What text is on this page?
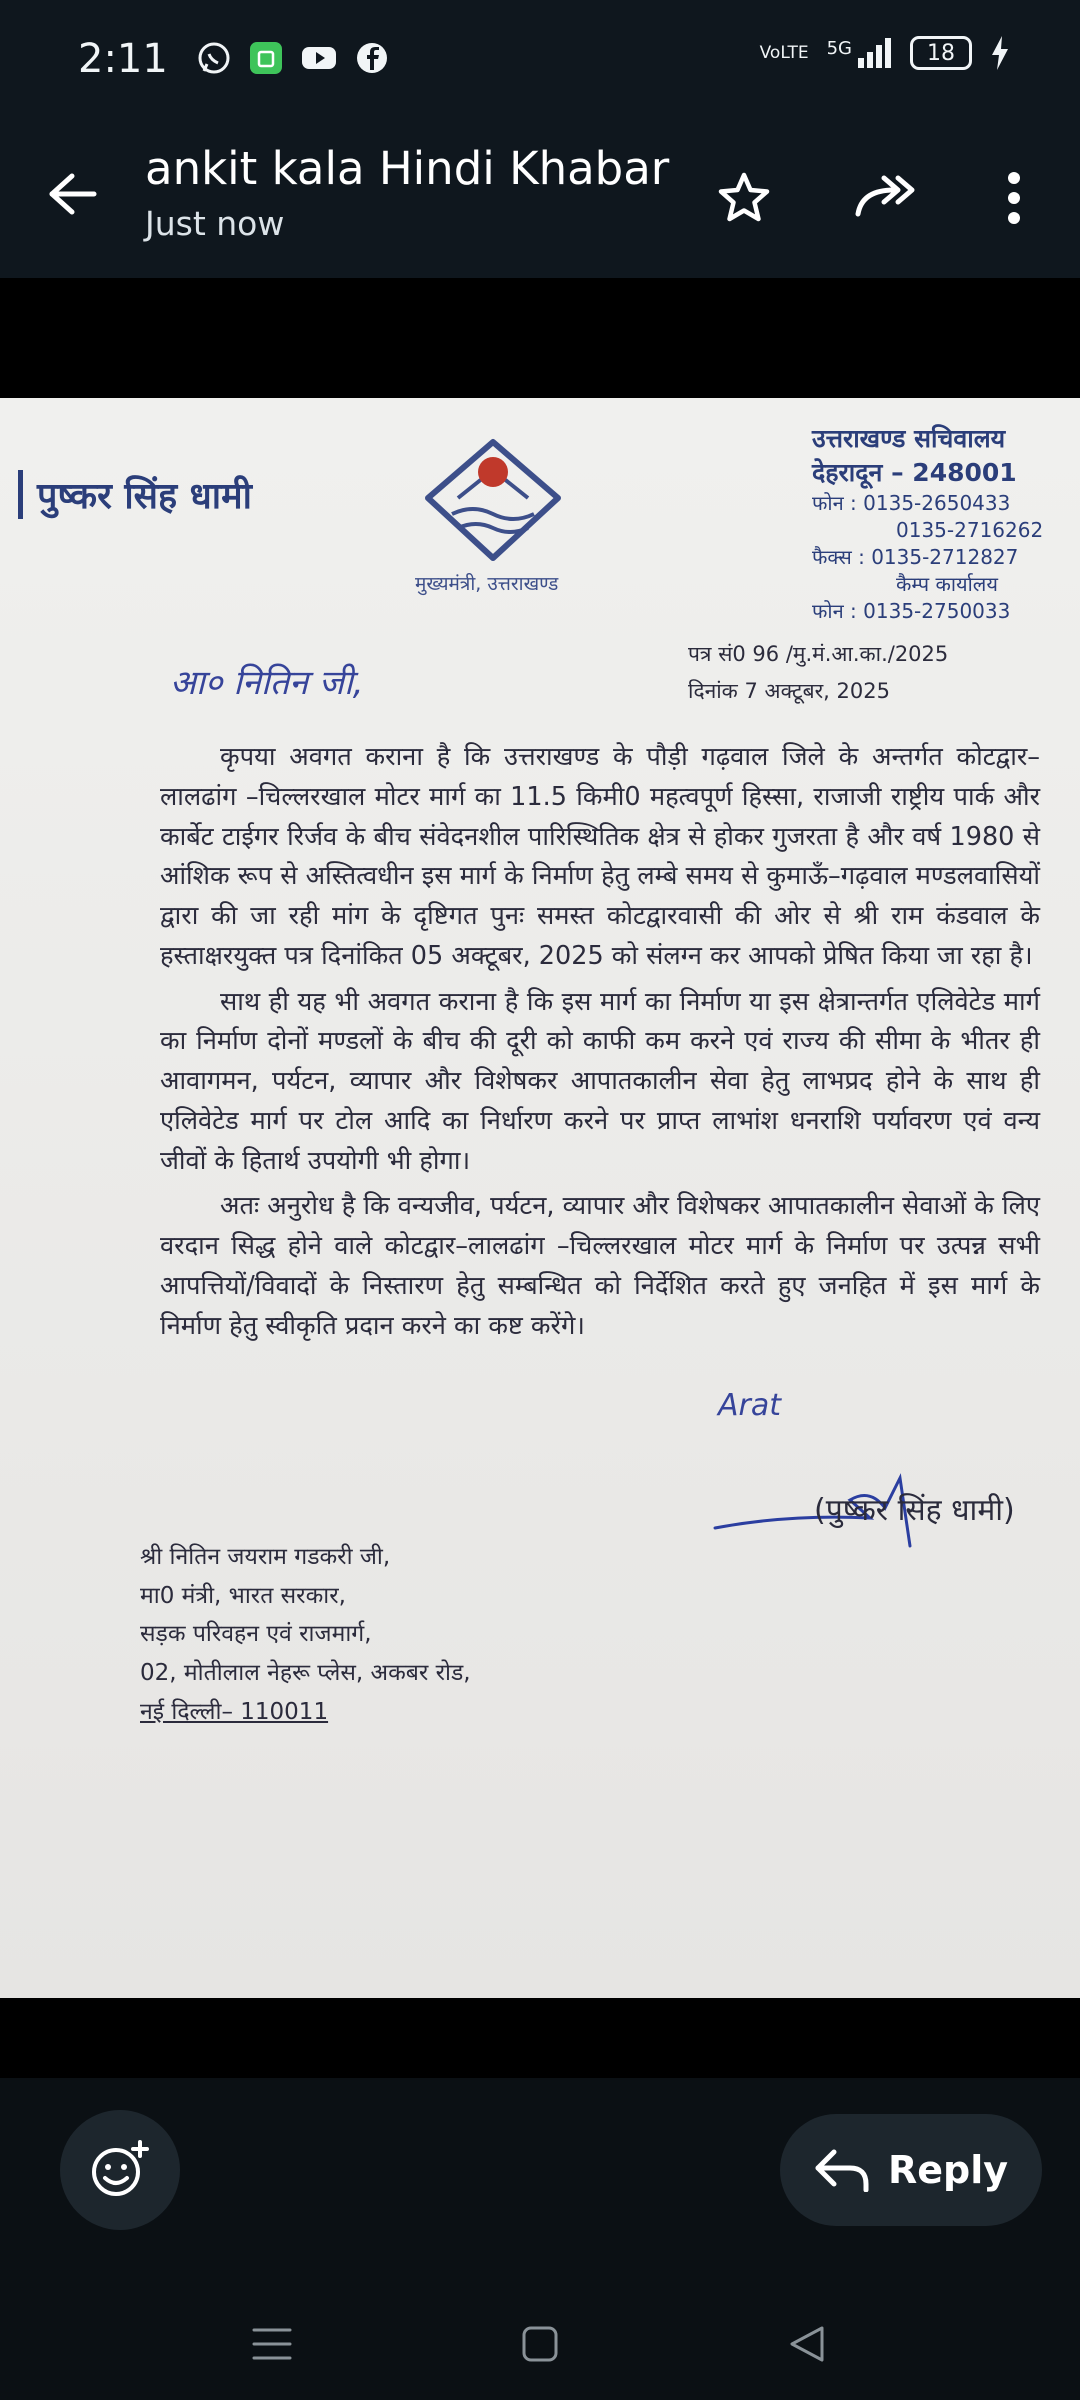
2:11	VoLTE 5G	18
ankit kala Hindi Khabar
Just now
पुष्कर सिंह धामी
मुख्यमंत्री, उत्तराखण्ड
उत्तराखण्ड सचिवालय
देहरादून – 248001
फोन : 0135-2650433
0135-2716262
फैक्स : 0135-2712827
कैम्प कार्यालय
फोन : 0135-2750033
पत्र सं0 96 /मु.मं.आ.का./2025
दिनांक 7 अक्टूबर, 2025
आ० नितिन जी,

कृपया अवगत कराना है कि उत्तराखण्ड के पौड़ी गढ़वाल जिले के अन्तर्गत कोटद्वार–लालढांग –चिल्लरखाल मोटर मार्ग का 11.5 किमी0 महत्वपूर्ण हिस्सा, राजाजी राष्ट्रीय पार्क और कार्बेट टाईगर रिर्जव के बीच संवेदनशील पारिस्थितिक क्षेत्र से होकर गुजरता है और वर्ष 1980 से आंशिक रूप से अस्तित्वधीन इस मार्ग के निर्माण हेतु लम्बे समय से कुमाऊँ–गढ़वाल मण्डलवासियों द्वारा की जा रही मांग के दृष्टिगत पुनः समस्त कोटद्वारवासी की ओर से श्री राम कंडवाल के हस्ताक्षरयुक्त पत्र दिनांकित 05 अक्टूबर, 2025 को संलग्न कर आपको प्रेषित किया जा रहा है।

साथ ही यह भी अवगत कराना है कि इस मार्ग का निर्माण या इस क्षेत्रान्तर्गत एलिवेटेड मार्ग का निर्माण दोनों मण्डलों के बीच की दूरी को काफी कम करने एवं राज्य की सीमा के भीतर ही आवागमन, पर्यटन, व्यापार और विशेषकर आपातकालीन सेवा हेतु लाभप्रद होने के साथ ही एलिवेटेड मार्ग पर टोल आदि का निर्धारण करने पर प्राप्त लाभांश धनराशि पर्यावरण एवं वन्य जीवों के हितार्थ उपयोगी भी होगा।

अतः अनुरोध है कि वन्यजीव, पर्यटन, व्यापार और विशेषकर आपातकालीन सेवाओं के लिए वरदान सिद्ध होने वाले कोटद्वार–लालढांग –चिल्लरखाल मोटर मार्ग के निर्माण पर उत्पन्न सभी आपत्तियों/विवादों के निस्तारण हेतु सम्बन्धित को निर्देशित करते हुए जनहित में इस मार्ग के निर्माण हेतु स्वीकृति प्रदान करने का कष्ट करेंगे।

Arat
(पुष्कर सिंह धामी)
श्री नितिन जयराम गडकरी जी,
मा0 मंत्री, भारत सरकार,
सड़क परिवहन एवं राजमार्ग,
02, मोतीलाल नेहरू प्लेस, अकबर रोड,
नई दिल्ली– 110011
Reply
